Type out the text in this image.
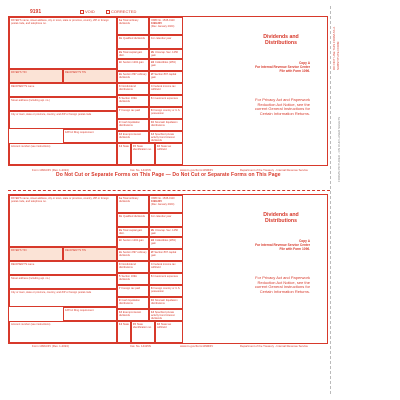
9191	VOID	CORRECTED
PAYER'S name, street address, city or town, state or province, country, ZIP or foreign postal code, and telephone no.
1aTotal ordinary dividends
OMB No. 1545-0110
1099-DIV
(Rev. January 2024)
1bQualified dividends	For calendar year
2aTotal capital gain distr.
2bUnrecap. Sec. 1250 gain
PAYER'S TIN	RECIPIENT'S TIN
2cSection 1202 gain	2dCollectibles (28%) gain
2eSection 897 ordinary dividends
2fSection 897 capital gain
RECIPIENT'S name	3Nondividend distributions
4Federal income tax withheld
5Section 199A dividends
6Investment expenses
Street address (including apt. no.)
7Foreign tax paid	8Foreign country or U.S. possession
City or town, state or province, country, and ZIP or foreign postal code
9Cash liquidation distributions
10Noncash liquidation distributions
FATCA filing requirement
12Exempt-interest dividends
13Specified private activity bond interest dividends
Account number (see instructions)	14State	15State identification no.
16State tax withheld
Dividends and Distributions
Copy A
For Internal Revenue Service Center
File with Form 1096.
For Privacy Act and Paperwork Reduction Act Notice, see the current General Instructions for Certain Information Returns.
Form 1099-DIV (Rev. 1-2024)	Cat. No. 14415N	www.irs.gov/Form1099DIV	Department of the Treasury - Internal Revenue Service
Do Not Cut or Separate Forms on This Page — Do Not Cut or Separate Forms on This Page
PAYER'S name, street address, city or town, state or province, country, ZIP or foreign postal code, and telephone no.
1aTotal ordinary dividends
OMB No. 1545-0110
1099-DIV
(Rev. January 2024)
1bQualified dividends	For calendar year
2aTotal capital gain distr.
2bUnrecap. Sec. 1250 gain
PAYER'S TIN	RECIPIENT'S TIN
2cSection 1202 gain	2dCollectibles (28%) gain
2eSection 897 ordinary dividends
2fSection 897 capital gain
RECIPIENT'S name	3Nondividend distributions
4Federal income tax withheld
5Section 199A dividends
6Investment expenses
Street address (including apt. no.)
7Foreign tax paid	8Foreign country or U.S. possession
City or town, state or province, country, and ZIP or foreign postal code
9Cash liquidation distributions
10Noncash liquidation distributions
FATCA filing requirement
12Exempt-interest dividends
13Specified private activity bond interest dividends
Account number (see instructions)	14State	15State identification no.
16State tax withheld
Dividends and Distributions
Copy A
For Internal Revenue Service Center
File with Form 1096.
For Privacy Act and Paperwork Reduction Act Notice, see the current General Instructions for Certain Information Returns.
Form 1099-DIV (Rev. 1-2024)	Cat. No. 14415N	www.irs.gov/Form1099DIV	Department of the Treasury - Internal Revenue Service
DO NOT USE THIS FORM AS A SUBSTITUTE FORM
FORMS PICTURED - ON OUR LASER SHEETS
